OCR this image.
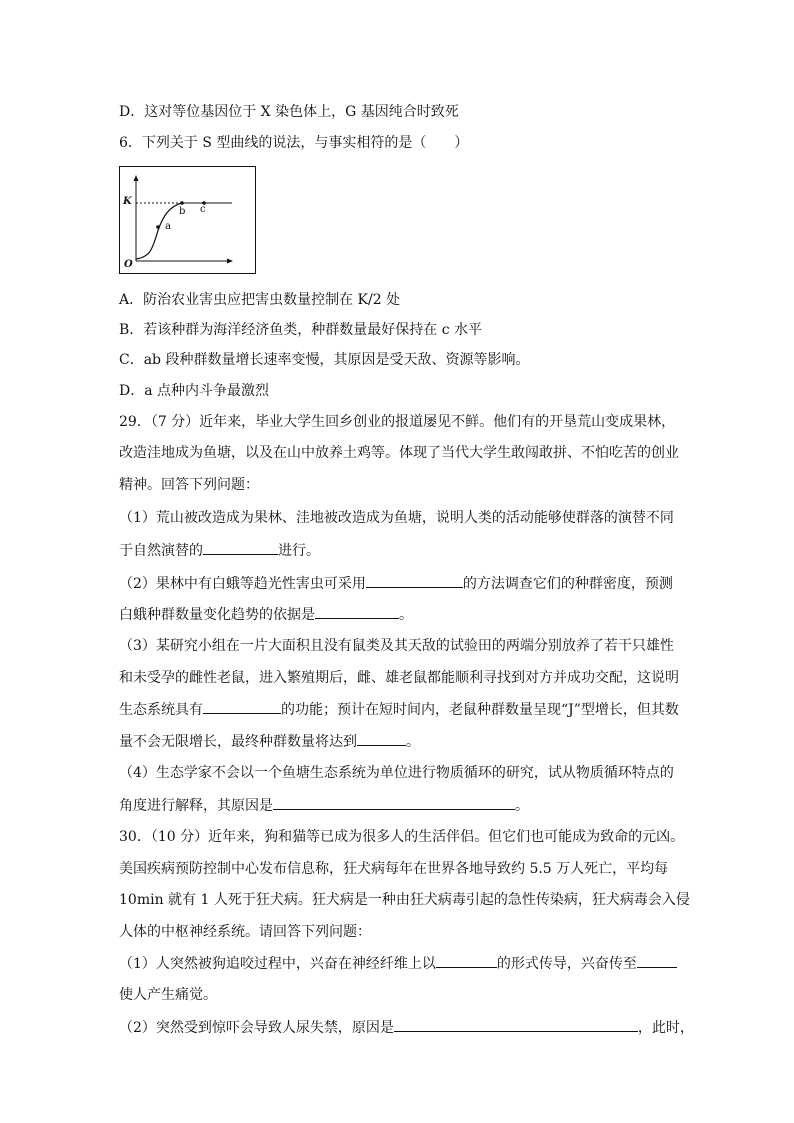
D．这对等位基因位于 X 染色体上，G 基因纯合时致死
6．下列关于 S 型曲线的说法，与事实相符的是（　　）
K
O
a
b c
A．防治农业害虫应把害虫数量控制在 K/2 处
B．若该种群为海洋经济鱼类，种群数量最好保持在 c 水平
C．ab 段种群数量增长速率变慢，其原因是受天敌、资源等影响。
D．a 点种内斗争最激烈
29．（7 分）近年来，毕业大学生回乡创业的报道屡见不鲜。他们有的开垦荒山变成果林，
改造洼地成为鱼塘，以及在山中放养土鸡等。体现了当代大学生敢闯敢拼、不怕吃苦的创业
精神。回答下列问题：
（1）荒山被改造成为果林、洼地被改造成为鱼塘，说明人类的活动能够使群落的演替不同
于自然演替的	进行。
（2）果林中有白蛾等趋光性害虫可采用	的方法调查它们的种群密度，预测
白蛾种群数量变化趋势的依据是	。
（3）某研究小组在一片大面积且没有鼠类及其天敌的试验田的两端分别放养了若干只雄性
和未受孕的雌性老鼠，进入繁殖期后，雌、雄老鼠都能顺利寻找到对方并成功交配，这说明
生态系统具有	的功能；预计在短时间内，老鼠种群数量呈现“J”型增长，但其数
量不会无限增长，最终种群数量将达到	。
（4）生态学家不会以一个鱼塘生态系统为单位进行物质循环的研究，试从物质循环特点的
角度进行解释，其原因是	。
30．（10 分）近年来，狗和猫等已成为很多人的生活伴侣。但它们也可能成为致命的元凶。
美国疾病预防控制中心发布信息称，狂犬病每年在世界各地导致约 5.5 万人死亡，平均每
10min 就有 1 人死于狂犬病。狂犬病是一种由狂犬病毒引起的急性传染病，狂犬病毒会入侵
人体的中枢神经系统。请回答下列问题：
（1）人突然被狗追咬过程中，兴奋在神经纤维上以	的形式传导，兴奋传至
使人产生痛觉。
（2）突然受到惊吓会导致人尿失禁，原因是	，此时，
